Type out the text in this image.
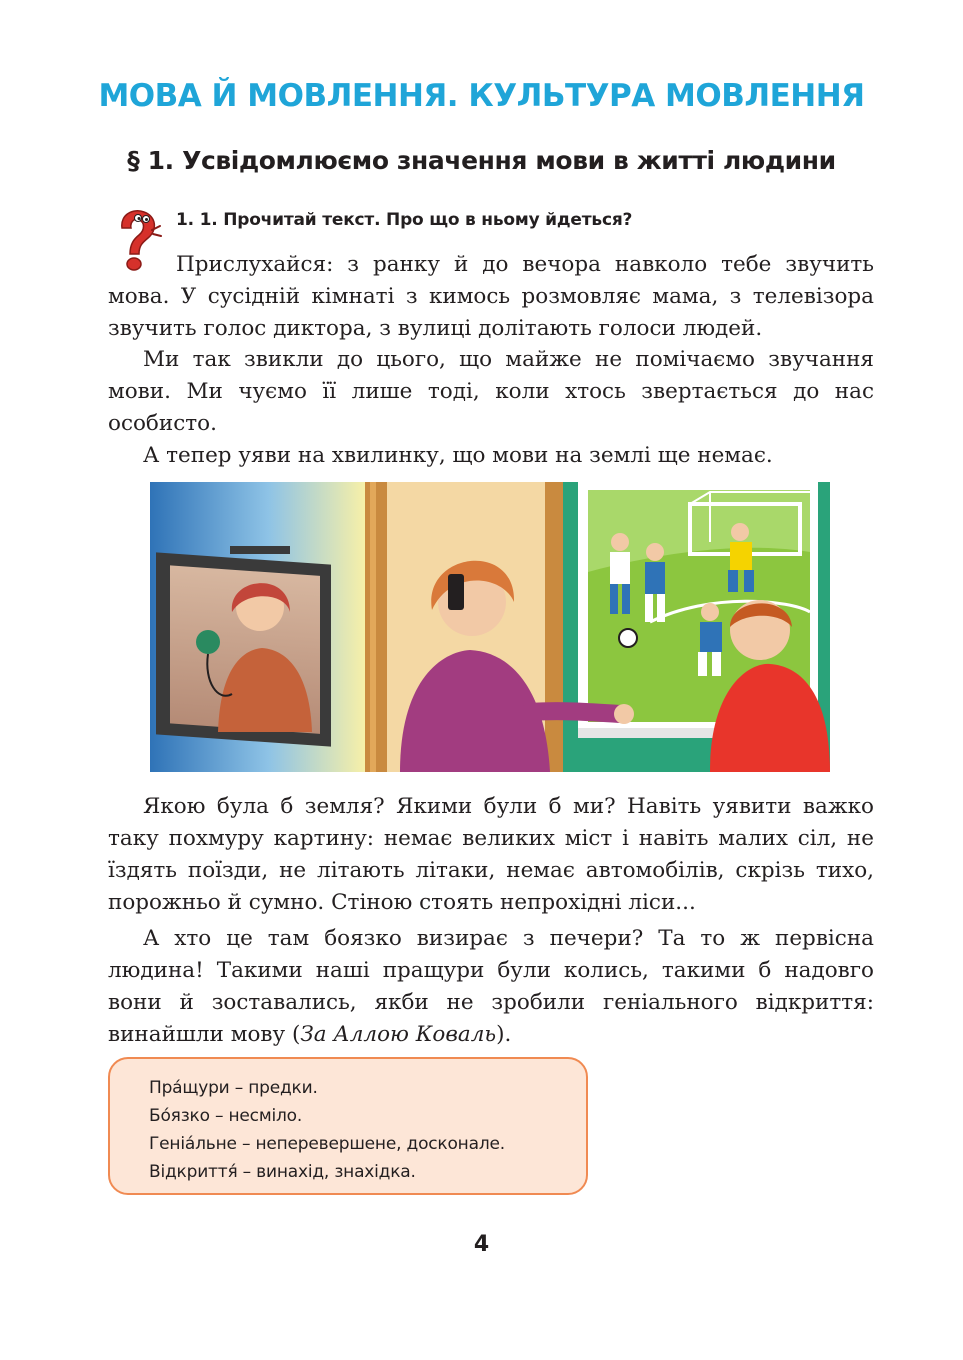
МОВА Й МОВЛЕННЯ. КУЛЬТУРА МОВЛЕННЯ
§ 1. Усвідомлюємо значення мови в житті людини
1. 1. Прочитай текст. Про що в ньому йдеться?

Прислухайся: з ранку й до вечора навколо тебе звучить мова. У сусідній кімнаті з кимось розмовляє мама, з телевізора звучить голос диктора, з вулиці долітають голоси людей.

Ми так звикли до цього, що майже не помічаємо звучання мови. Ми чуємо її лише тоді, коли хтось звертається до нас особисто.

А тепер уяви на хвилинку, що мови на землі ще немає.

Якою була б земля? Якими були б ми? Навіть уявити важко таку похмуру картину: немає великих міст і навіть малих сіл, не їздять поїзди, не літають літаки, немає автомобілів, скрізь тихо, порожньо й сумно. Стіною стоять непрохідні ліси...

А хто це там боязко визирає з печери? Та то ж первісна людина! Такими наші пращури були колись, такими б надовго вони й зоставались, якби не зробили геніального відкриття: винайшли мову (За Аллою Коваль).

Пра́щури – предки.
Бо́язко – несміло.
Геніа́льне – неперевершене, досконале.
Відкриття́ – винахід, знахідка.
4
